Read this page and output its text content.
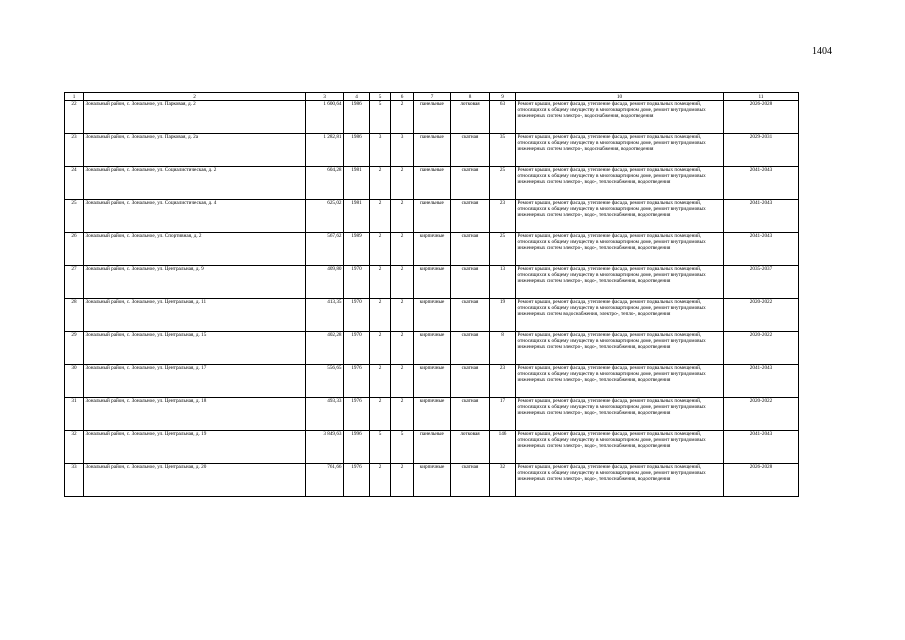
1404
1	2	3	4	5	6	7	8	9	10	11
22	Зональный район, с. Зональное, ул. Парковая, д. 2	1 600,64	1986	5	2	панельные	лотковая	63	Ремонт крыши, ремонт фасада, утепление фасада, ремонт подвальных помещений, относящихся к общему имуществу в многоквартирном доме, ремонт внутридомовых инженерных систем электро-, водоснабжения, водоотведения	2026-2028
23	Зональный район, с. Зональное, ул. Парковая, д. 2а	1 282,81	1986	3	3	панельные	скатная	35	Ремонт крыши, ремонт фасада, утепление фасада, ремонт подвальных помещений, относящихся к общему имуществу в многоквартирном доме, ремонт внутридомовых инженерных систем электро-, водоснабжения, водоотведения	2029-2031
24	Зональный район, с. Зональное, ул. Социалистическая, д. 2	604,28	1981	2	2	панельные	скатная	25	Ремонт крыши, ремонт фасада, утепление фасада, ремонт подвальных помещений, относящихся к общему имуществу в многоквартирном доме, ремонт внутридомовых инженерных систем электро-, водо-, теплоснабжения, водоотведения	2041-2043
25	Зональный район, с. Зональное, ул. Социалистическая, д. 4	625,02	1981	2	2	панельные	скатная	23	Ремонт крыши, ремонт фасада, утепление фасада, ремонт подвальных помещений, относящихся к общему имуществу в многоквартирном доме, ремонт внутридомовых инженерных систем электро-, водо-, теплоснабжения, водоотведения	2041-2043
26	Зональный район, с. Зональное, ул. Спортивная, д. 2	567,62	1989	2	2	кирпичные	скатная	25	Ремонт крыши, ремонт фасада, утепление фасада, ремонт подвальных помещений, относящихся к общему имуществу в многоквартирном доме, ремонт внутридомовых инженерных систем электро-, водо-, теплоснабжения, водоотведения	2041-2043
27	Зональный район, с. Зональное, ул. Центральная, д. 9	409,80	1970	2	2	кирпичные	скатная	13	Ремонт крыши, ремонт фасада, утепление фасада, ремонт подвальных помещений, относящихся к общему имуществу в многоквартирном доме, ремонт внутридомовых инженерных систем электро-, водо-, теплоснабжения, водоотведения	2035-2037
28	Зональный район, с. Зональное, ул. Центральная, д. 11	413,35	1970	2	2	кирпичные	скатная	19	Ремонт крыши, ремонт фасада, утепление фасада, ремонт подвальных помещений, относящихся к общему имуществу в многоквартирном доме, ремонт внутридомовых инженерных систем водоснабжения, электро-, тепло-, водоотведения	2020-2022
29	Зональный район, с. Зональное, ул. Центральная, д. 15	402,28	1970	2	2	кирпичные	скатная	8	Ремонт крыши, ремонт фасада, утепление фасада, ремонт подвальных помещений, относящихся к общему имуществу в многоквартирном доме, ремонт внутридомовых инженерных систем электро-, водо-, теплоснабжения, водоотведения	2020-2022
30	Зональный район, с. Зональное, ул. Центральная, д. 17	556,65	1976	2	2	кирпичные	скатная	23	Ремонт крыши, ремонт фасада, утепление фасада, ремонт подвальных помещений, относящихся к общему имуществу в многоквартирном доме, ремонт внутридомовых инженерных систем электро-, водо-, теплоснабжения, водоотведения	2041-2043
31	Зональный район, с. Зональное, ул. Центральная, д. 18	493,33	1976	2	2	кирпичные	скатная	17	Ремонт крыши, ремонт фасада, утепление фасада, ремонт подвальных помещений, относящихся к общему имуществу в многоквартирном доме, ремонт внутридомовых инженерных систем электро-, водо-, теплоснабжения, водоотведения	2020-2022
32	Зональный район, с. Зональное, ул. Центральная, д. 19	3 849,63	1996	5	5	панельные	лотковая	146	Ремонт крыши, ремонт фасада, утепление фасада, ремонт подвальных помещений, относящихся к общему имуществу в многоквартирном доме, ремонт внутридомовых инженерных систем электро-, водо-, теплоснабжения, водоотведения	2041-2043
33	Зональный район, с. Зональное, ул. Центральная, д. 20	761,66	1976	2	2	кирпичные	скатная	32	Ремонт крыши, ремонт фасада, утепление фасада, ремонт подвальных помещений, относящихся к общему имуществу в многоквартирном доме, ремонт внутридомовых инженерных систем электро-, водо-, теплоснабжения, водоотведения	2026-2028
